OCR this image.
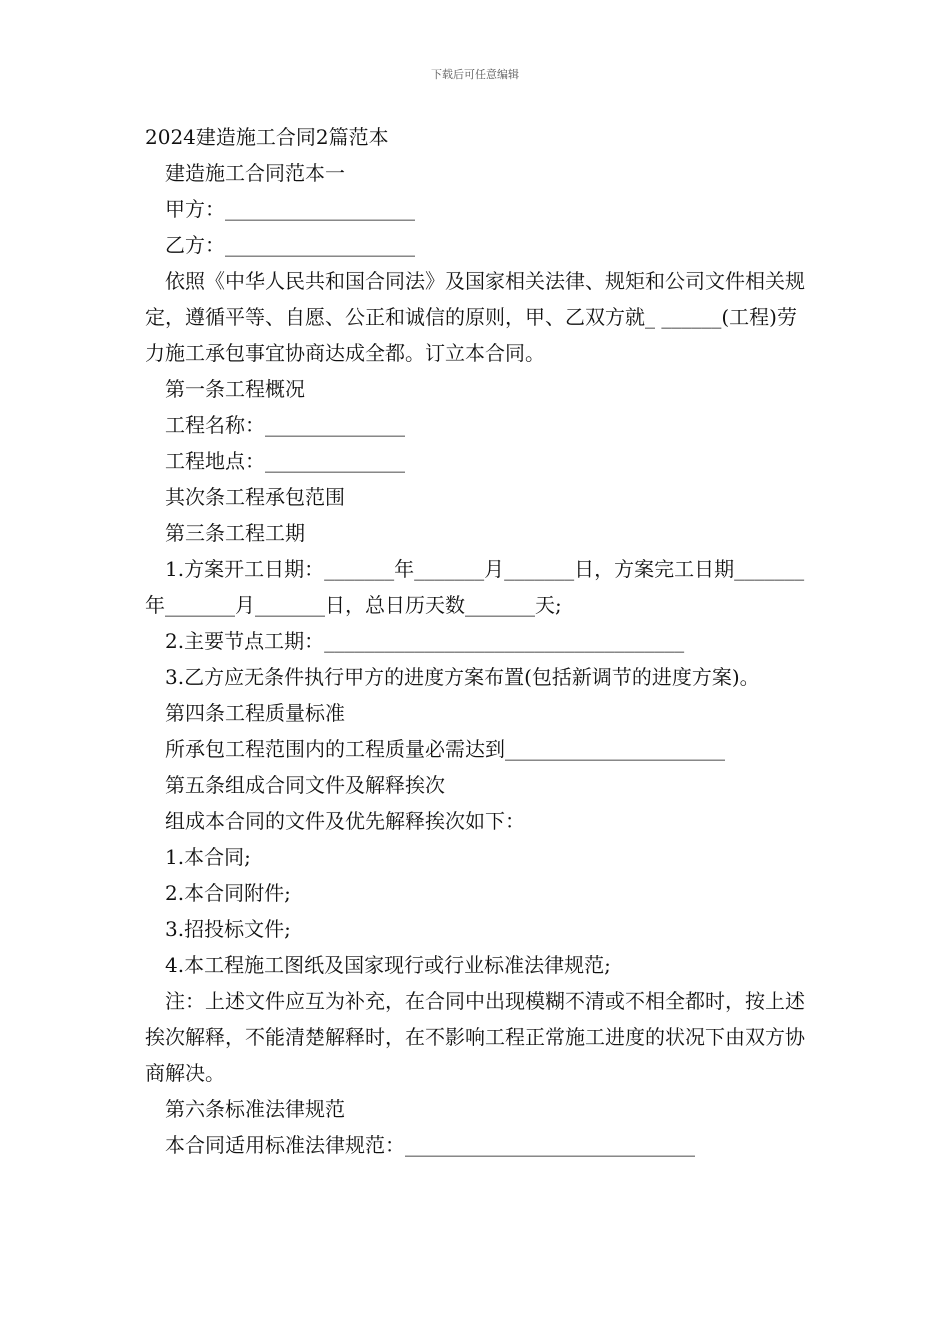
下载后可任意编辑
2024建造施工合同2篇范本
建造施工合同范本一
甲方：___________________
乙方：___________________
依照《中华人民共和国合同法》及国家相关法律、规矩和公司文件相关规定，遵循平等、自愿、公正和诚信的原则，甲、乙双方就_ ______(工程)劳力施工承包事宜协商达成全都。订立本合同。
第一条工程概况
工程名称：______________
工程地点：______________
其次条工程承包范围
第三条工程工期
1.方案开工日期：_______年_______月_______日，方案完工日期_______年_______月_______日，总日历天数_______天;
2.主要节点工期：____________________________________
3.乙方应无条件执行甲方的进度方案布置(包括新调节的进度方案)。
第四条工程质量标准
所承包工程范围内的工程质量必需达到______________________
第五条组成合同文件及解释挨次
组成本合同的文件及优先解释挨次如下：
1.本合同;
2.本合同附件;
3.招投标文件;
4.本工程施工图纸及国家现行或行业标准法律规范;
注：上述文件应互为补充，在合同中出现模糊不清或不相全都时，按上述挨次解释，不能清楚解释时，在不影响工程正常施工进度的状况下由双方协商解决。
第六条标准法律规范
本合同适用标准法律规范：_____________________________
